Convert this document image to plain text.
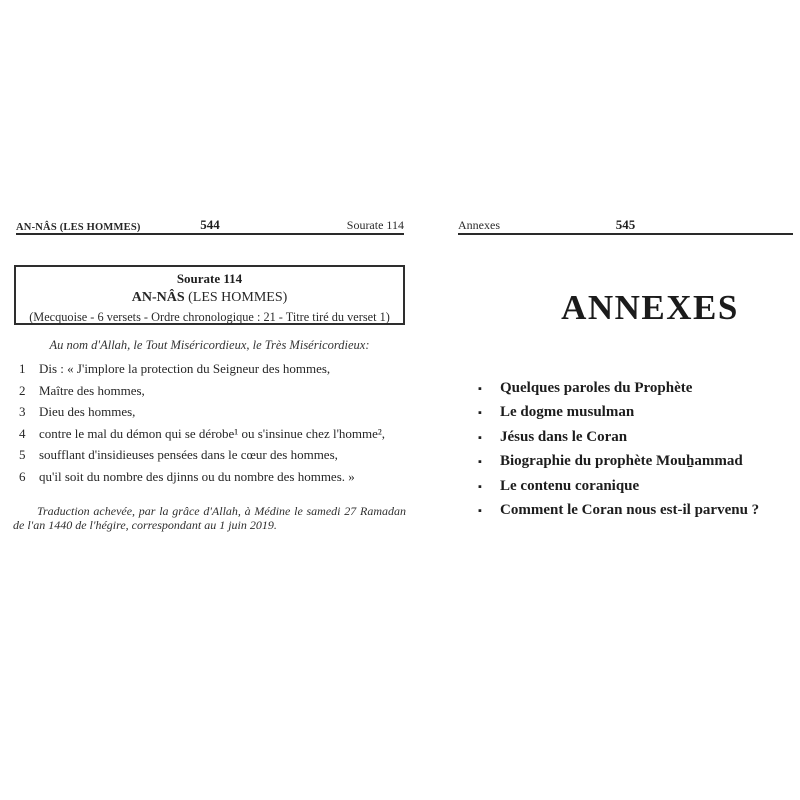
AN-NÂS (LES HOMMES)	544	Sourate 114
Sourate 114
AN-NÂS (LES HOMMES)
(Mecquoise - 6 versets - Ordre chronologique : 21 - Titre tiré du verset 1)
Au nom d'Allah, le Tout Miséricordieux, le Très Miséricordieux:
1	Dis : « J'implore la protection du Seigneur des hommes,
2	Maître des hommes,
3	Dieu des hommes,
4	contre le mal du démon qui se dérobe¹ ou s'insinue chez l'homme²,
5	soufflant d'insidieuses pensées dans le cœur des hommes,
6	qu'il soit du nombre des djinns ou du nombre des hommes. »
Traduction achevée, par la grâce d'Allah, à Médine le samedi 27 Ramadan de l'an 1440 de l'hégire, correspondant au 1 juin 2019.
Annexes	545
ANNEXES
▪	Quelques paroles du Prophète
▪	Le dogme musulman
▪	Jésus dans le Coran
▪	Biographie du prophète Mouẖammad
▪	Le contenu coranique
▪	Comment le Coran nous est-il parvenu ?
